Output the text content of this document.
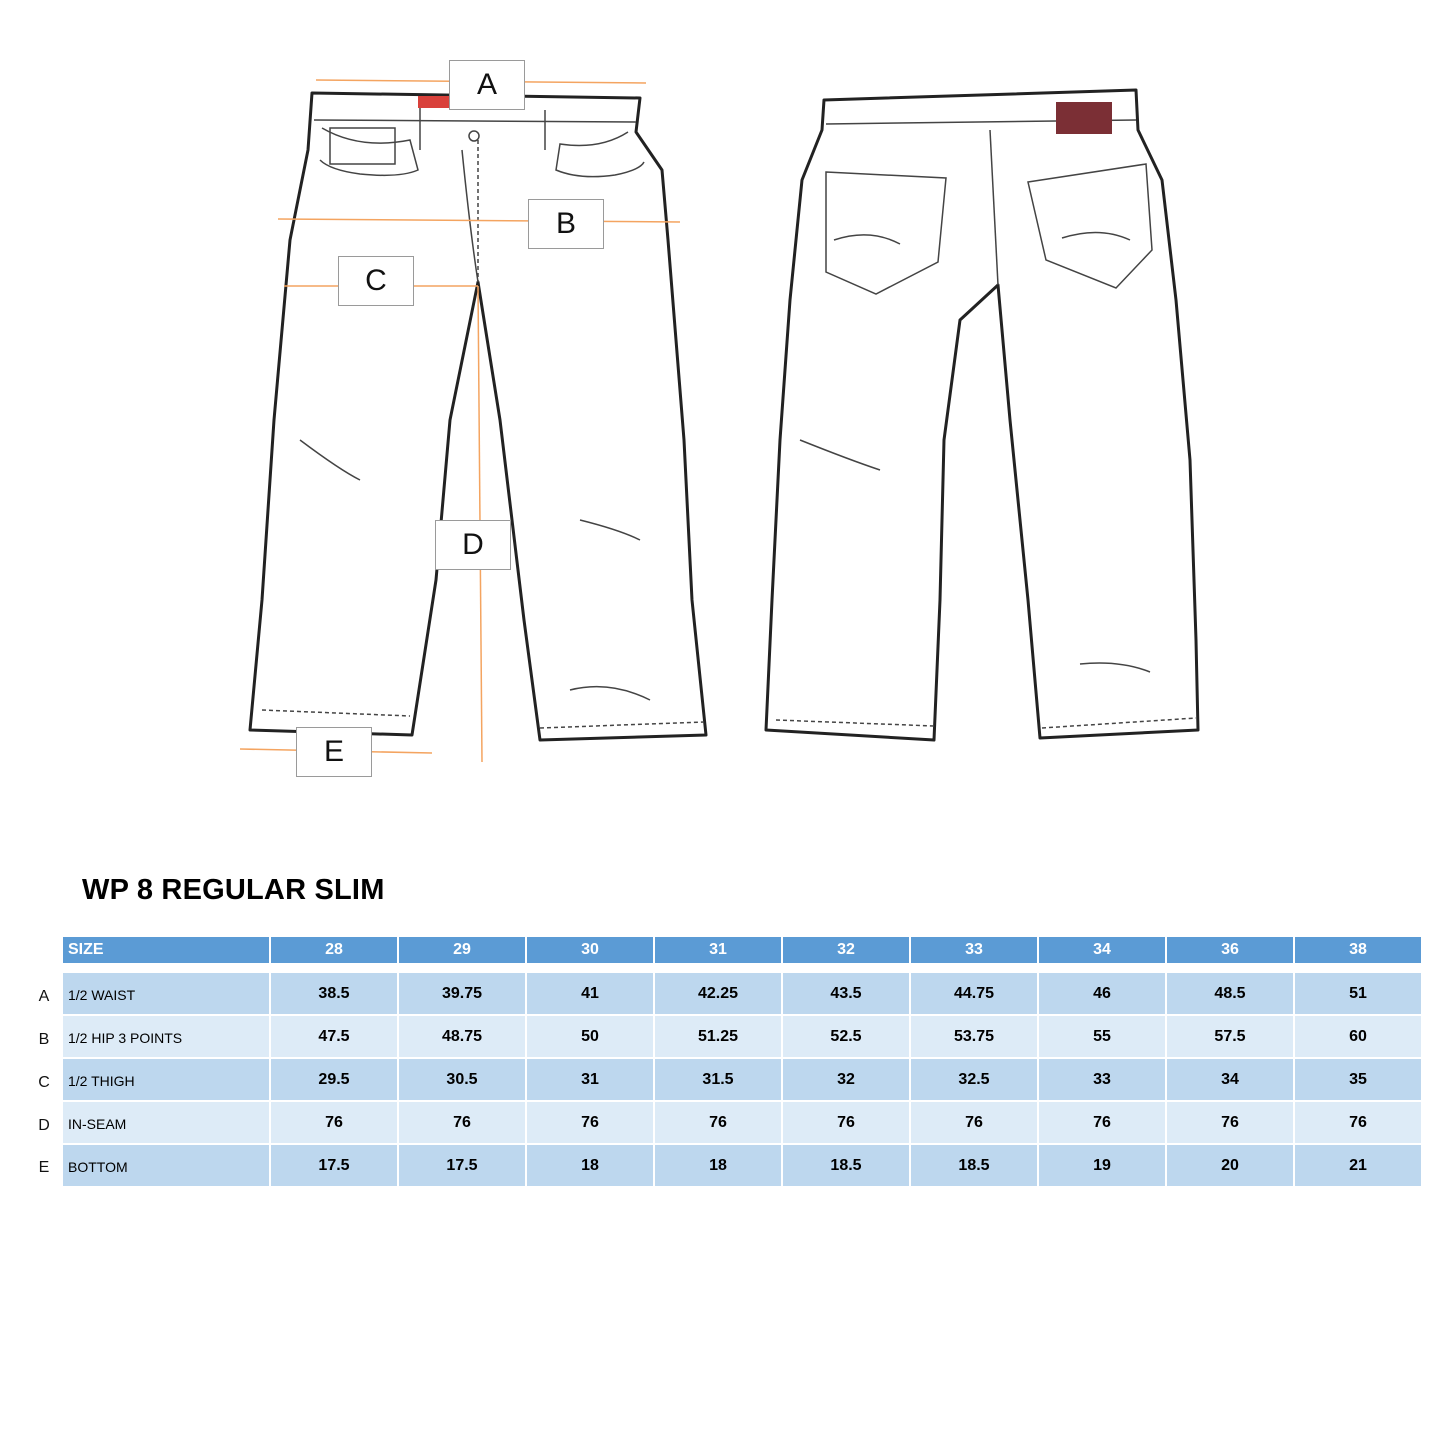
A
B
C
D
E
WP 8 REGULAR SLIM
A
B
C
D
E
SIZE	28	29	30	31	32	33	34	36	38

1/2 WAIST	38.5	39.75	41	42.25	43.5	44.75	46	48.5	51
1/2 HIP 3 POINTS	47.5	48.75	50	51.25	52.5	53.75	55	57.5	60
1/2 THIGH	29.5	30.5	31	31.5	32	32.5	33	34	35
IN-SEAM	76	76	76	76	76	76	76	76	76
BOTTOM	17.5	17.5	18	18	18.5	18.5	19	20	21
